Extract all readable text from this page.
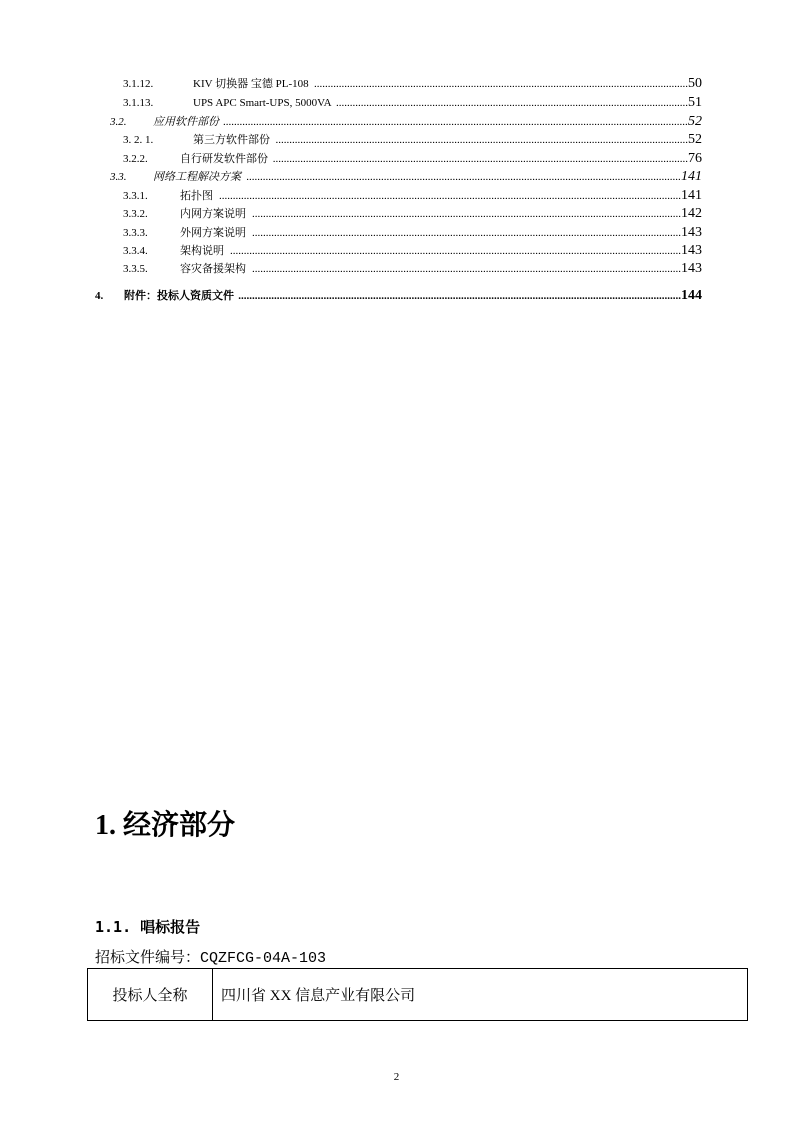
3.1.12.	KIV 切换器 宝德 PL-108 ........................................................................................................................................ 50
3.1.13.	UPS APC Smart-UPS, 5000VA ................................................................................................................................ 51
3.2.	应用软件部份 ......................................................................................................................................................................... 52
3. 2. 1.	第三方软件部份 ...................................................................................................................................................... 52
3.2.2.	自行研发软件部份 ....................................................................................................................................................... 76
3.3.	网络工程解决方案 .............................................................................................................................................................. 141
3.3.1.	拓扑图 ........................................................................................................................................................................ 141
3.3.2.	内网方案说明 ............................................................................................................................................................ 142
3.3.3.	外网方案说明 ............................................................................................................................................................ 143
3.3.4.	架构说明 .................................................................................................................................................................... 143
3.3.5.	容灾备援架构 ............................................................................................................................................................ 143
4.	附件：投标人资质文件 ................................................................................................................................................................. 144
1. 经济部分
1.1. 唱标报告
招标文件编号：CQZFCG-04A-103
投标人全称	四川省 XX 信息产业有限公司
2
